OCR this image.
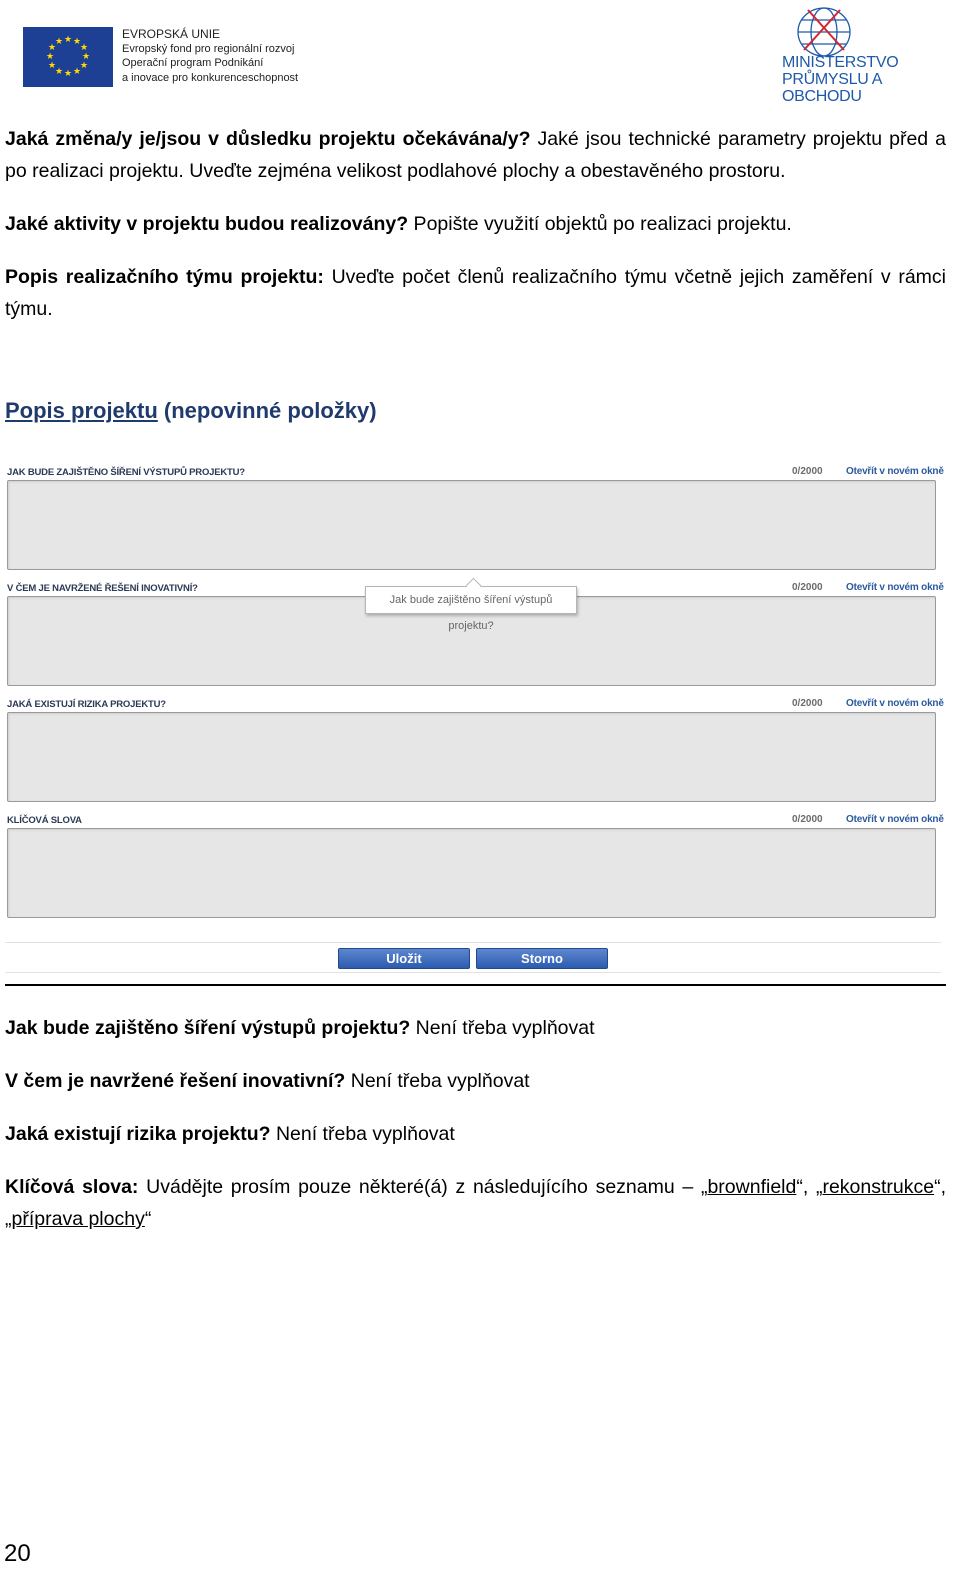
★ ★
★
★
★
★
★
★
★
★
★
★
EVROPSKÁ UNIE
Evropský fond pro regionální rozvoj
Operační program Podnikání
a inovace pro konkurenceschopnost
MINISTERSTVO
PRŮMYSLU A OBCHODU
Jaká změna/y je/jsou v důsledku projektu očekávána/y? Jaké jsou technické parametry projektu před a po realizaci projektu. Uveďte zejména velikost podlahové plochy a obestavěného prostoru.
Jaké aktivity v projektu budou realizovány? Popište využití objektů po realizaci projektu.
Popis realizačního týmu projektu: Uveďte počet členů realizačního týmu včetně jejich zaměření v rámci týmu.
Popis projektu (nepovinné položky)
JAK BUDE ZAJIŠTĚNO ŠÍŘENÍ VÝSTUPŮ PROJEKTU?	0/2000 Otevřít v novém okně
V ČEM JE NAVRŽENÉ ŘEŠENÍ INOVATIVNÍ?	0/2000 Otevřít v novém okně
Jak bude zajištěno šíření výstupů projektu?
JAKÁ EXISTUJÍ RIZIKA PROJEKTU?	0/2000 Otevřít v novém okně
KLÍČOVÁ SLOVA	0/2000 Otevřít v novém okně
Uložit	Storno
Jak bude zajištěno šíření výstupů projektu? Není třeba vyplňovat
V čem je navržené řešení inovativní? Není třeba vyplňovat
Jaká existují rizika projektu? Není třeba vyplňovat
Klíčová slova: Uvádějte prosím pouze některé(á) z následujícího seznamu – „brownfield“, „rekonstrukce“, „příprava plochy“
20
